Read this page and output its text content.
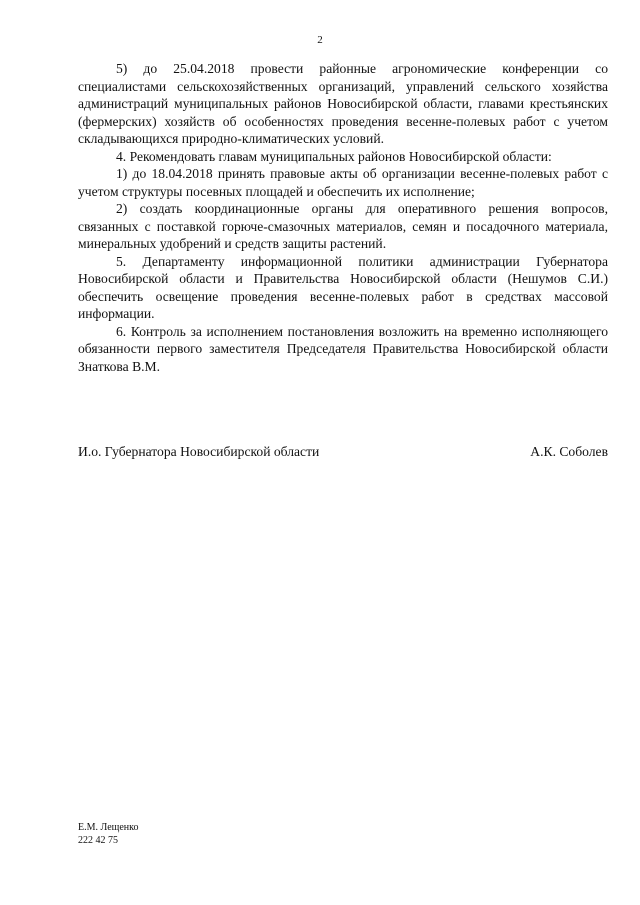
2

5) до 25.04.2018 провести районные агрономические конференции со специалистами сельскохозяйственных организаций, управлений сельского хозяйства администраций муниципальных районов Новосибирской области, главами крестьянских (фермерских) хозяйств об особенностях проведения весенне-полевых работ с учетом складывающихся природно-климатических условий.

4. Рекомендовать главам муниципальных районов Новосибирской области:

1) до 18.04.2018 принять правовые акты об организации весенне-полевых работ с учетом структуры посевных площадей и обеспечить их исполнение;

2) создать координационные органы для оперативного решения вопросов, связанных с поставкой горюче-смазочных материалов, семян и посадочного материала, минеральных удобрений и средств защиты растений.

5. Департаменту информационной политики администрации Губернатора Новосибирской области и Правительства Новосибирской области (Нешумов С.И.) обеспечить освещение проведения весенне-полевых работ в средствах массовой информации.

6. Контроль за исполнением постановления возложить на временно исполняющего обязанности первого заместителя Председателя Правительства Новосибирской области Знаткова В.М.

И.о. Губернатора Новосибирской области	А.К. Соболев
Е.М. Лещенко
222 42 75
